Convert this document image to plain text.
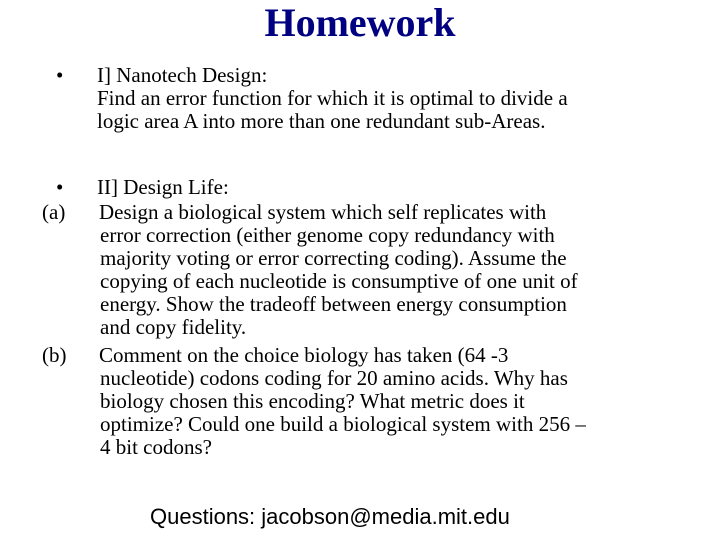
Homework
• I] Nanotech Design:
Find an error function for which it is optimal to divide a
logic area A into more than one redundant sub-Areas.
• II] Design Life:
(a) Design a biological system which self replicates with
error correction (either genome copy redundancy with
majority voting or error correcting coding). Assume the
copying of each nucleotide is consumptive of one unit of
energy. Show the tradeoff between energy consumption
and copy fidelity.
(b) Comment on the choice biology has taken (64 -3
nucleotide) codons coding for 20 amino acids. Why has
biology chosen this encoding? What metric does it
optimize? Could one build a biological system with 256 –
4 bit codons?
Questions: jacobson@media.mit.edu
